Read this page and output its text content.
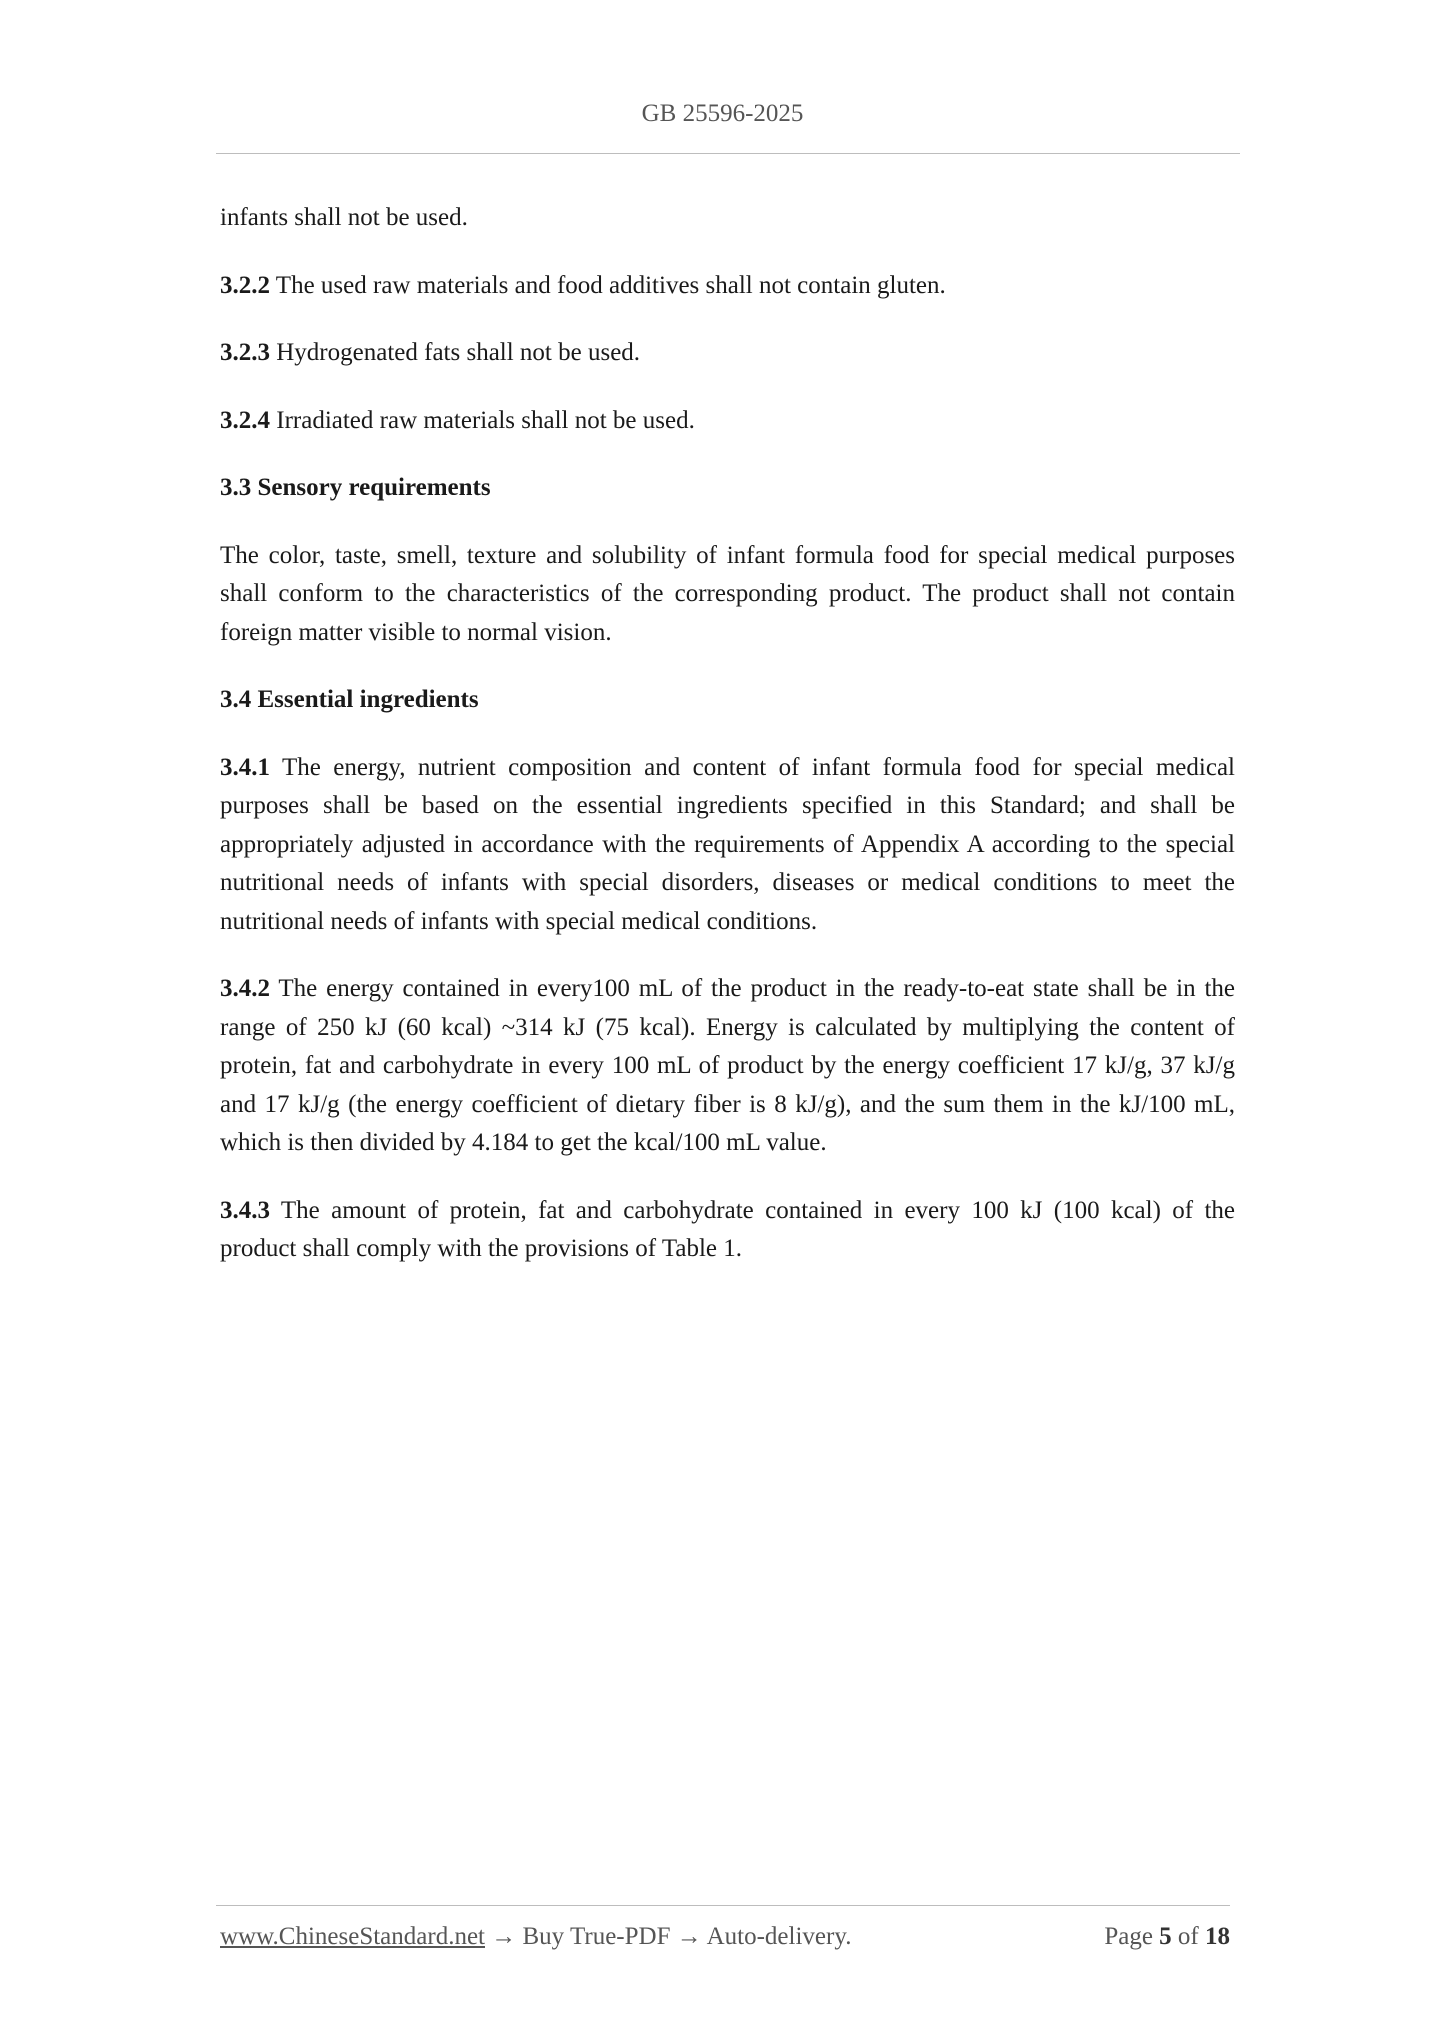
GB 25596-2025

infants shall not be used.

3.2.2 The used raw materials and food additives shall not contain gluten.

3.2.3 Hydrogenated fats shall not be used.

3.2.4 Irradiated raw materials shall not be used.

3.3 Sensory requirements

The color, taste, smell, texture and solubility of infant formula food for special medical purposes shall conform to the characteristics of the corresponding product. The product shall not contain foreign matter visible to normal vision.

3.4 Essential ingredients

3.4.1 The energy, nutrient composition and content of infant formula food for special medical purposes shall be based on the essential ingredients specified in this Standard; and shall be appropriately adjusted in accordance with the requirements of Appendix A according to the special nutritional needs of infants with special disorders, diseases or medical conditions to meet the nutritional needs of infants with special medical conditions.

3.4.2 The energy contained in every100 mL of the product in the ready-to-eat state shall be in the range of 250 kJ (60 kcal) ~314 kJ (75 kcal). Energy is calculated by multiplying the content of protein, fat and carbohydrate in every 100 mL of product by the energy coefficient 17 kJ/g, 37 kJ/g and 17 kJ/g (the energy coefficient of dietary fiber is 8 kJ/g), and the sum them in the kJ/100 mL, which is then divided by 4.184 to get the kcal/100 mL value.

3.4.3 The amount of protein, fat and carbohydrate contained in every 100 kJ (100 kcal) of the product shall comply with the provisions of Table 1.

www.ChineseStandard.net → Buy True-PDF → Auto-delivery.	Page 5 of 18
